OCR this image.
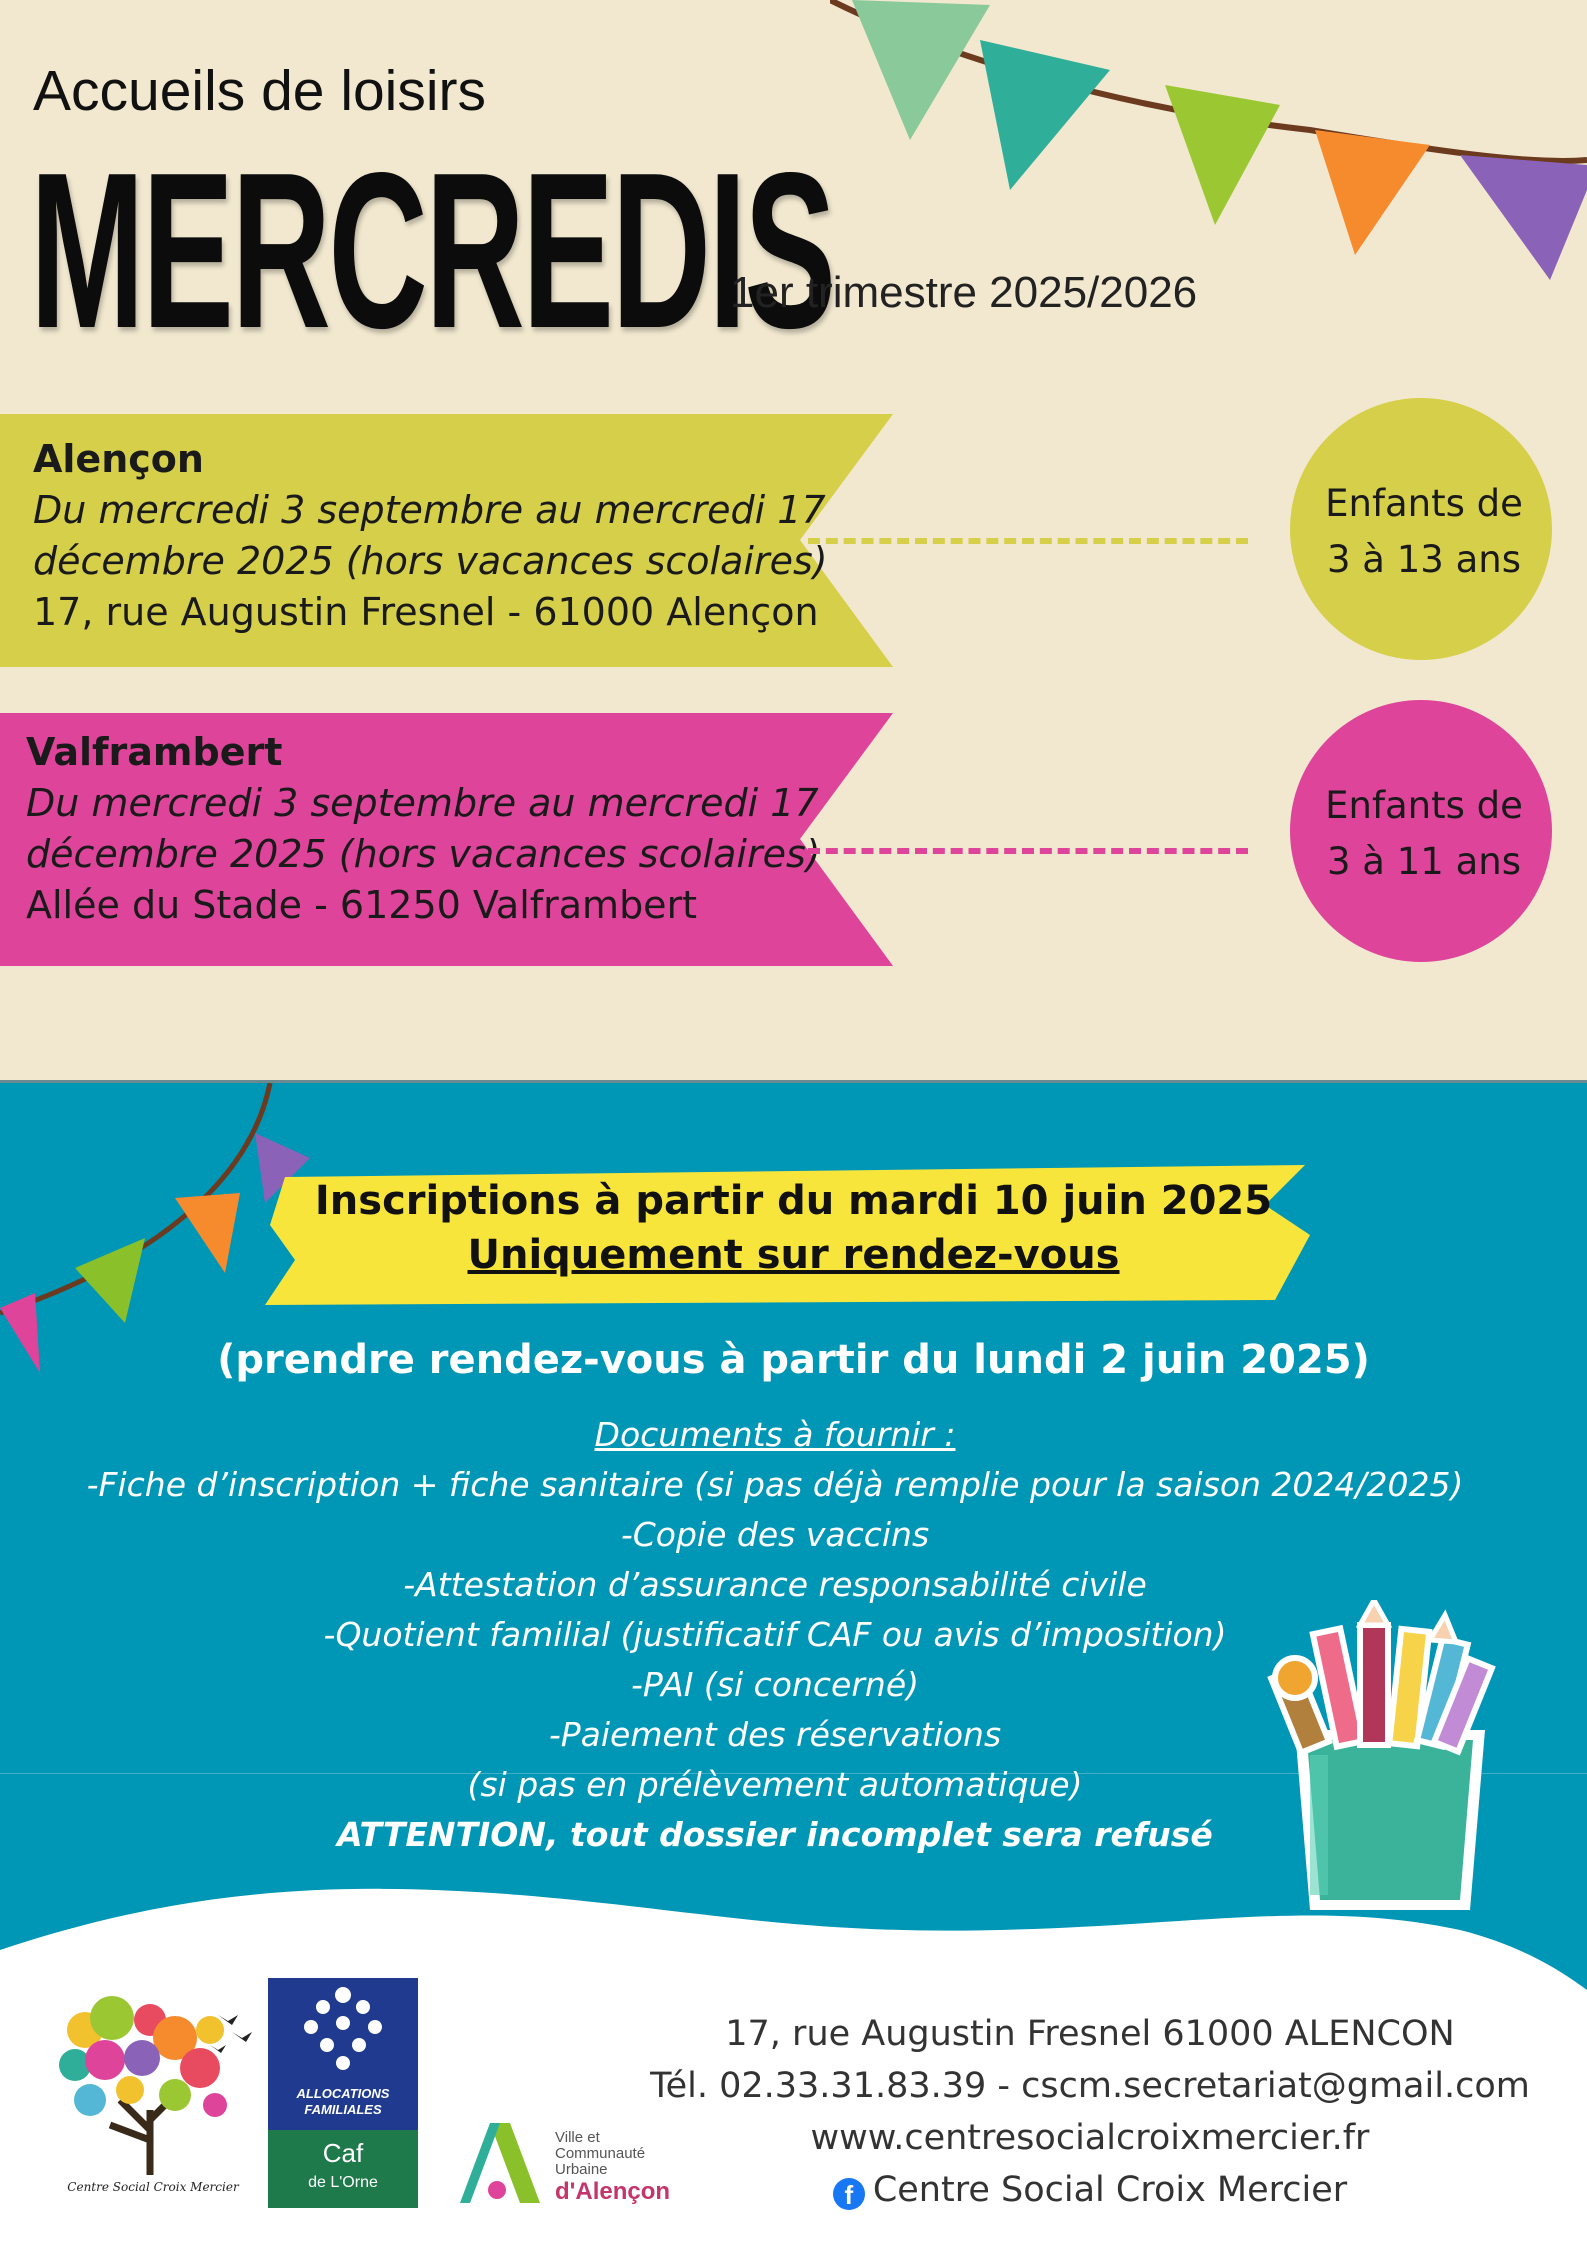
Accueils de loisirs
MERCREDIS
1er trimestre 2025/2026
Alençon
Du mercredi 3 septembre au mercredi 17
décembre 2025 (hors vacances scolaires)
17, rue Augustin Fresnel - 61000 Alençon
Enfants de
3 à 13 ans
Valframbert
Du mercredi 3 septembre au mercredi 17
décembre 2025 (hors vacances scolaires)
Allée du Stade - 61250 Valframbert
Enfants de
3 à 11 ans
Inscriptions à partir du mardi 10 juin 2025
Uniquement sur rendez-vous
(prendre rendez-vous à partir du lundi 2 juin 2025)
Documents à fournir :
-Fiche d’inscription + fiche sanitaire (si pas déjà remplie pour la saison 2024/2025)
-Copie des vaccins
-Attestation d’assurance responsabilité civile
-Quotient familial (justificatif CAF ou avis d’imposition)
-PAI (si concerné)
-Paiement des réservations
(si pas en prélèvement automatique)
ATTENTION, tout dossier incomplet sera refusé
Centre Social Croix Mercier
ALLOCATIONS
FAMILIALES
Caf
de L'Orne
Ville et
Communauté
Urbaine
d'Alençon
17, rue Augustin Fresnel 61000 ALENCON
Tél. 02.33.31.83.39 - cscm.secretariat@gmail.com
www.centresocialcroixmercier.fr
f Centre Social Croix Mercier
